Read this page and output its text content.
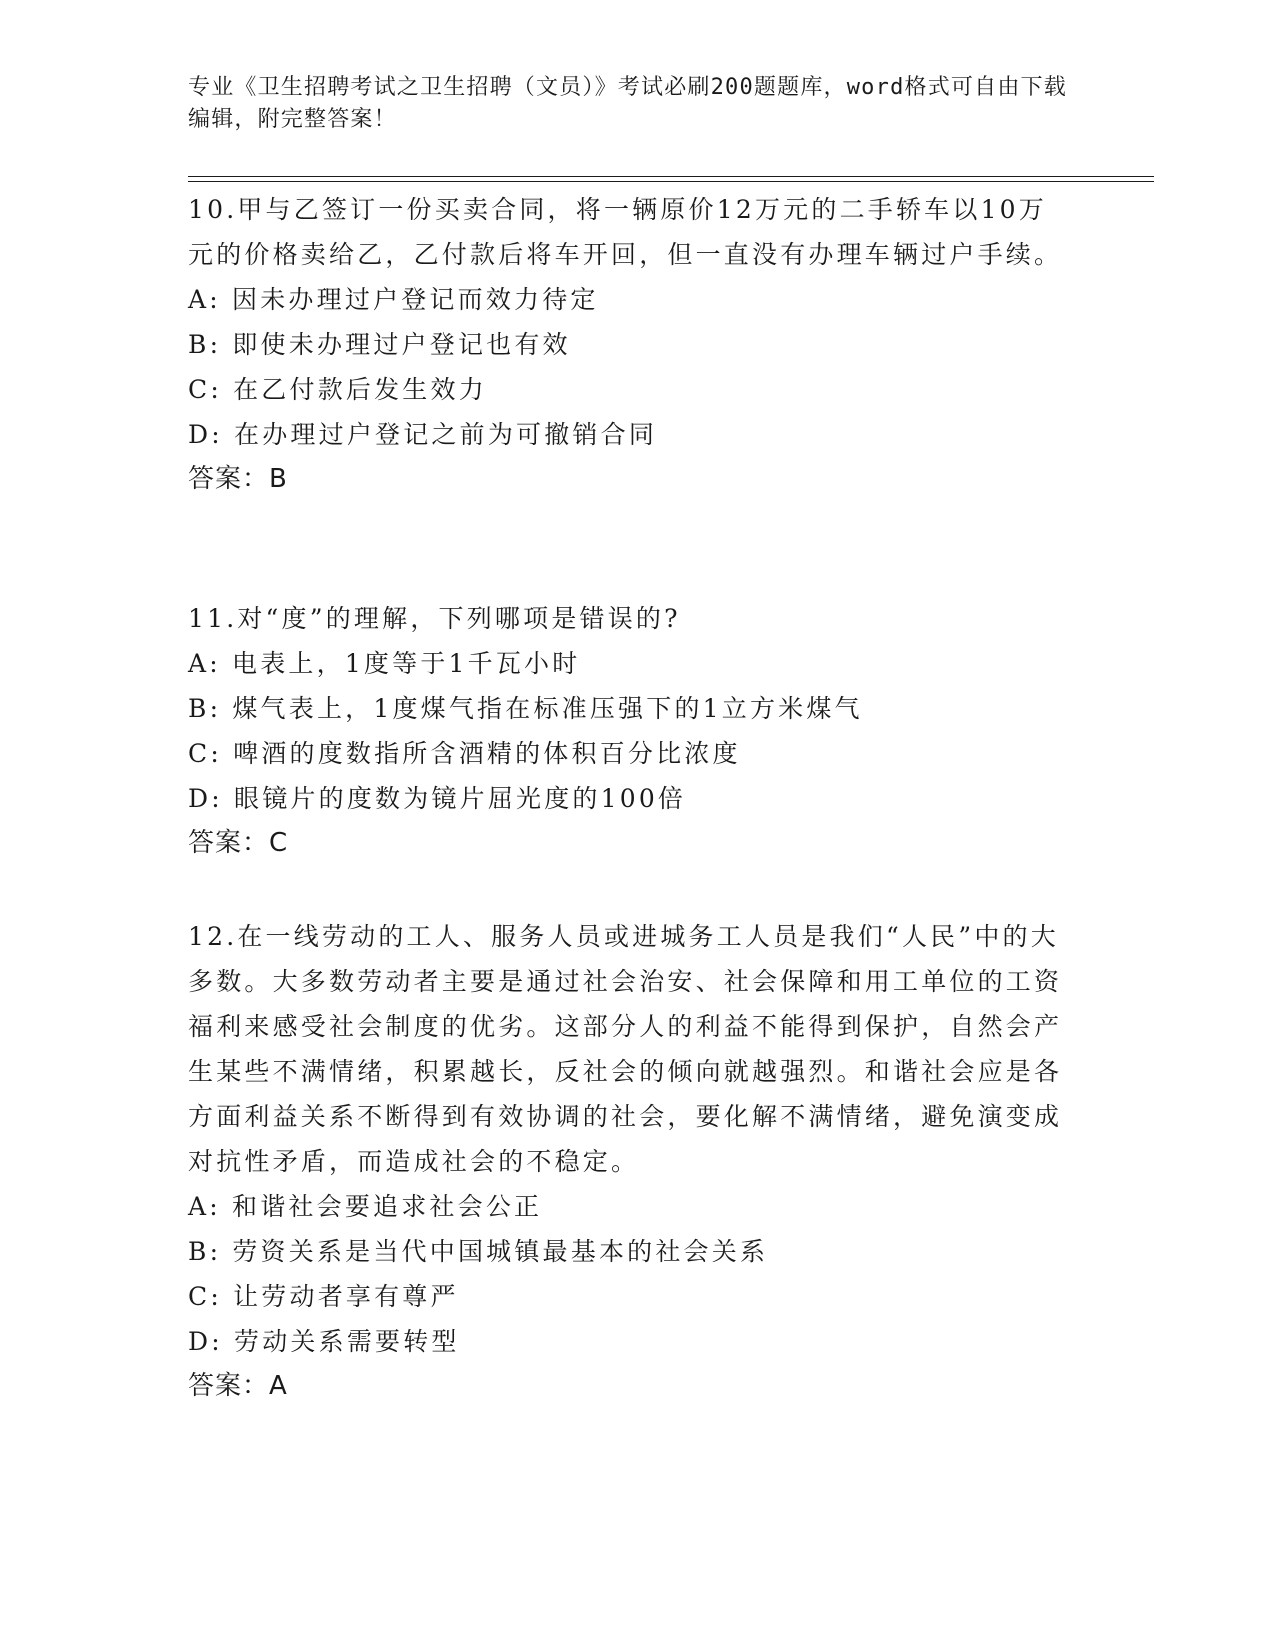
专业《卫生招聘考试之卫生招聘（文员）》考试必刷200题题库，word格式可自由下载编辑，附完整答案！

10.甲与乙签订一份买卖合同，将一辆原价12万元的二手轿车以10万元的价格卖给乙，乙付款后将车开回，但一直没有办理车辆过户手续。

A: 因未办理过户登记而效力待定
B: 即使未办理过户登记也有效
C: 在乙付款后发生效力
D: 在办理过户登记之前为可撤销合同
答案：B

11.对“度”的理解，下列哪项是错误的?

A: 电表上，1度等于1千瓦小时
B: 煤气表上，1度煤气指在标准压强下的1立方米煤气
C: 啤酒的度数指所含酒精的体积百分比浓度
D: 眼镜片的度数为镜片屈光度的100倍
答案：C

12.在一线劳动的工人、服务人员或进城务工人员是我们“人民”中的大多数。大多数劳动者主要是通过社会治安、社会保障和用工单位的工资福利来感受社会制度的优劣。这部分人的利益不能得到保护，自然会产生某些不满情绪，积累越长，反社会的倾向就越强烈。和谐社会应是各方面利益关系不断得到有效协调的社会，要化解不满情绪，避免演变成对抗性矛盾，而造成社会的不稳定。

A: 和谐社会要追求社会公正
B: 劳资关系是当代中国城镇最基本的社会关系
C: 让劳动者享有尊严
D: 劳动关系需要转型
答案：A
